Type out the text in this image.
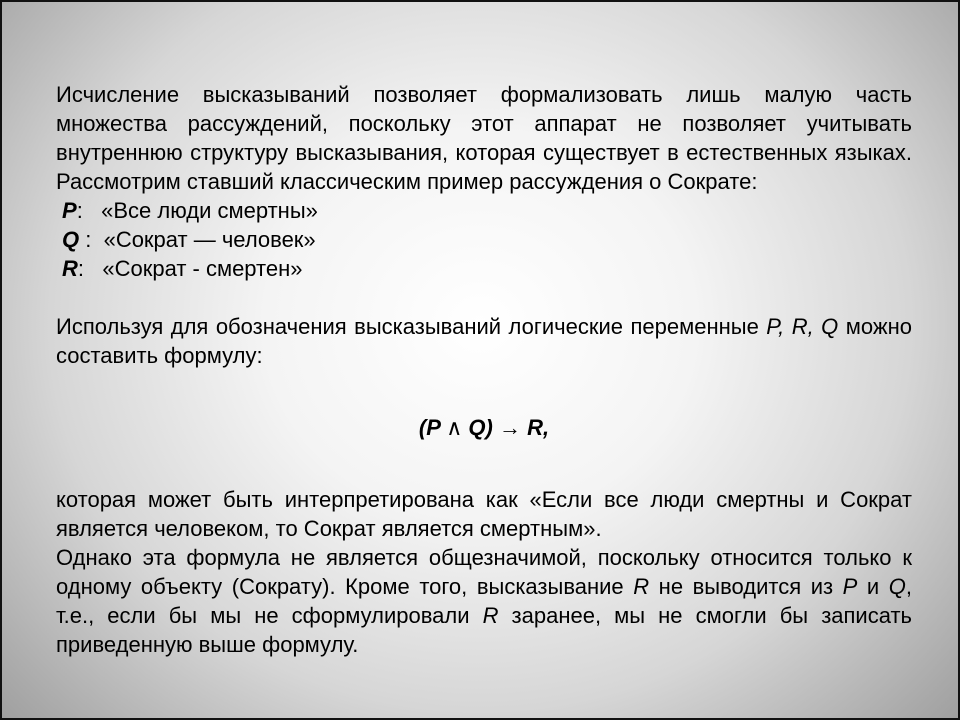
Исчисление высказываний позволяет формализовать лишь малую часть множества рассуждений, поскольку этот аппарат не позволяет учитывать внутреннюю структуру высказывания, которая существует в естественных языках. Рассмотрим ставший классическим пример рассуждения о Сократе:

P:   «Все люди смертны»

Q :  «Сократ — человек»

R:   «Сократ - смертен»

Используя для обозначения высказываний логические переменные P, R, Q можно составить формулу:

(P ∧ Q) → R,

которая может быть интерпретирована как «Если все люди смертны и Сократ является человеком, то Сократ является смертным».

Однако эта формула не является общезначимой, поскольку относится только к одному объекту (Сократу). Кроме того, высказывание R не выводится из P и Q, т.е., если бы мы не сформулировали R заранее, мы не смогли бы записать приведенную выше формулу.
